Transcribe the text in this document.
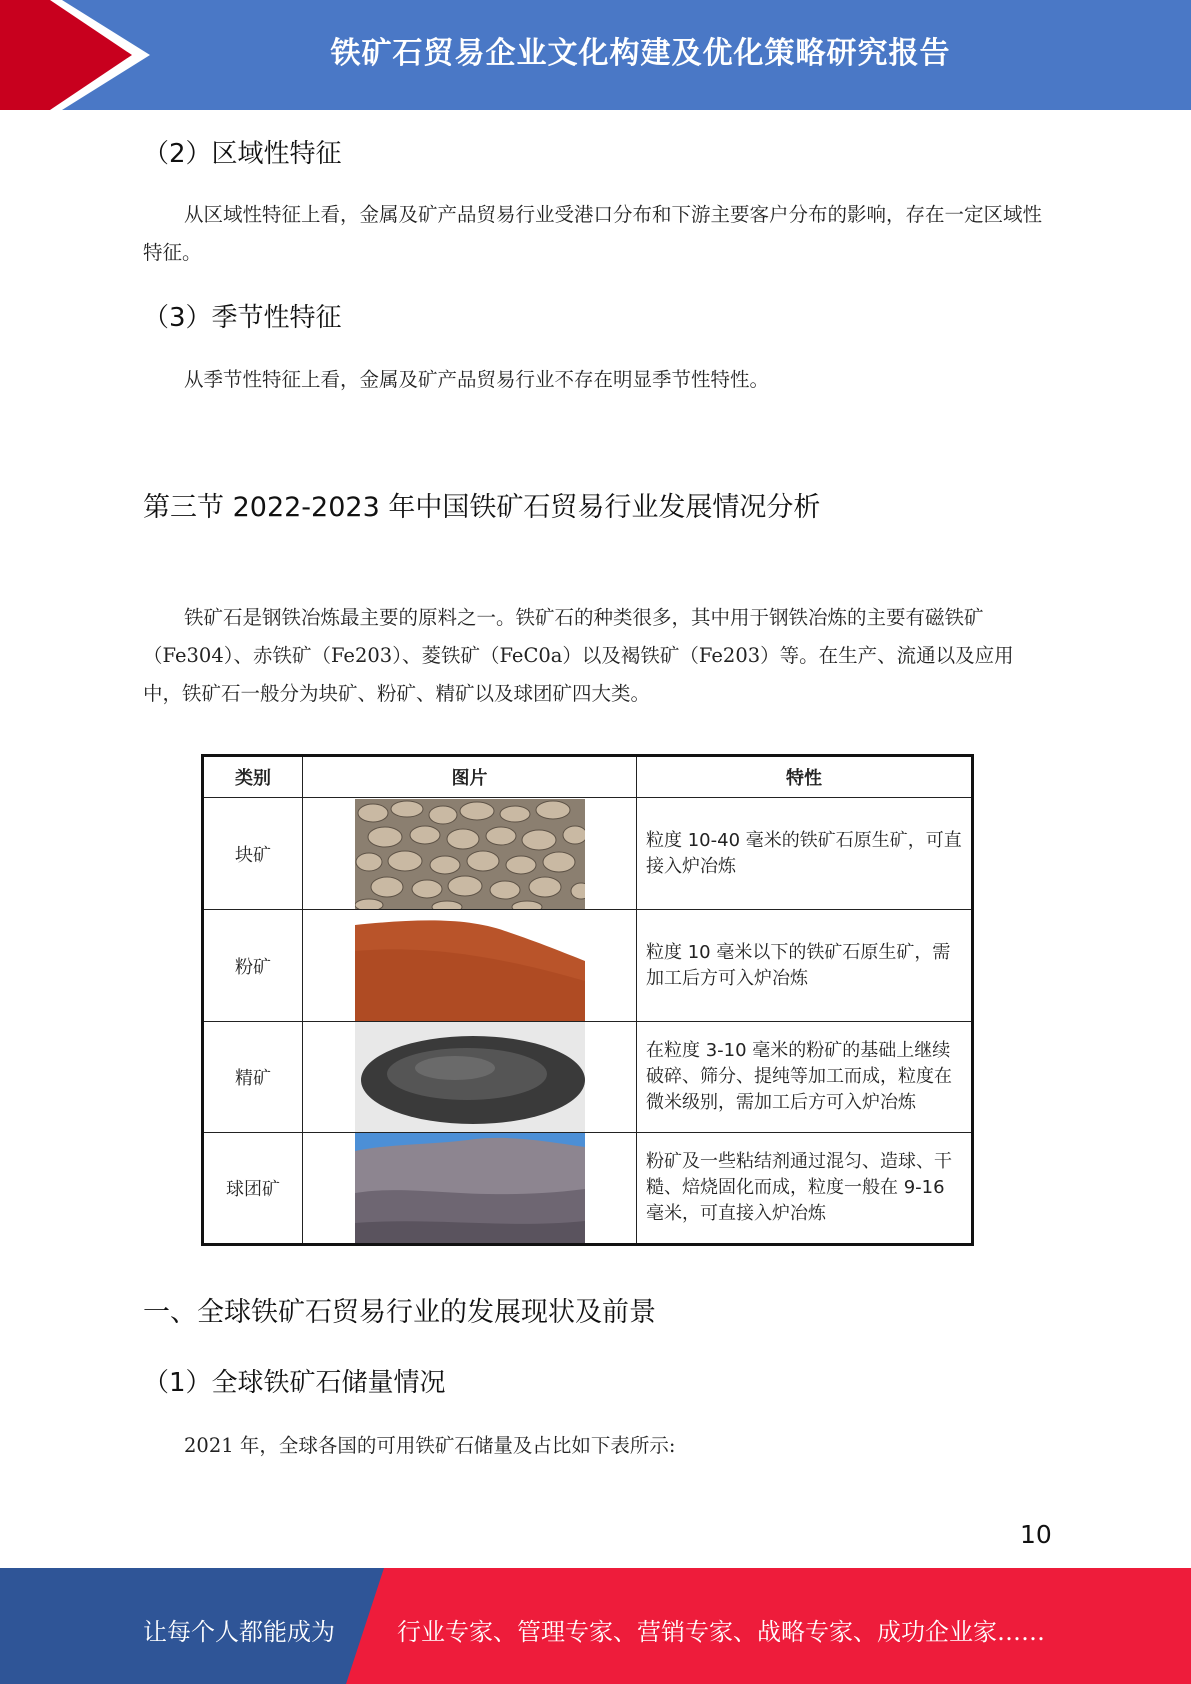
铁矿石贸易企业文化构建及优化策略研究报告
（2）区域性特征

从区域性特征上看，金属及矿产品贸易行业受港口分布和下游主要客户分布的影响，存在一定区域性特征。

（3）季节性特征

从季节性特征上看，金属及矿产品贸易行业不存在明显季节性特性。

第三节 2022-2023 年中国铁矿石贸易行业发展情况分析

铁矿石是钢铁冶炼最主要的原料之一。铁矿石的种类很多，其中用于钢铁冶炼的主要有磁铁矿（Fe304）、赤铁矿（Fe203）、菱铁矿（FeC0a）以及褐铁矿（Fe203）等。在生产、流通以及应用中，铁矿石一般分为块矿、粉矿、精矿以及球团矿四大类。

类别	图片	特性
块矿		粒度 10-40 毫米的铁矿石原生矿，可直接入炉冶炼
粉矿		粒度 10 毫米以下的铁矿石原生矿，需加工后方可入炉冶炼
精矿		在粒度 3-10 毫米的粉矿的基础上继续破碎、筛分、提纯等加工而成，粒度在微米级别，需加工后方可入炉冶炼
球团矿		粉矿及一些粘结剂通过混匀、造球、干糙、焙烧固化而成，粒度一般在 9-16 毫米，可直接入炉冶炼
一、全球铁矿石贸易行业的发展现状及前景
（1）全球铁矿石储量情况

2021 年，全球各国的可用铁矿石储量及占比如下表所示:

10
让每个人都能成为	行业专家、管理专家、营销专家、战略专家、成功企业家……
